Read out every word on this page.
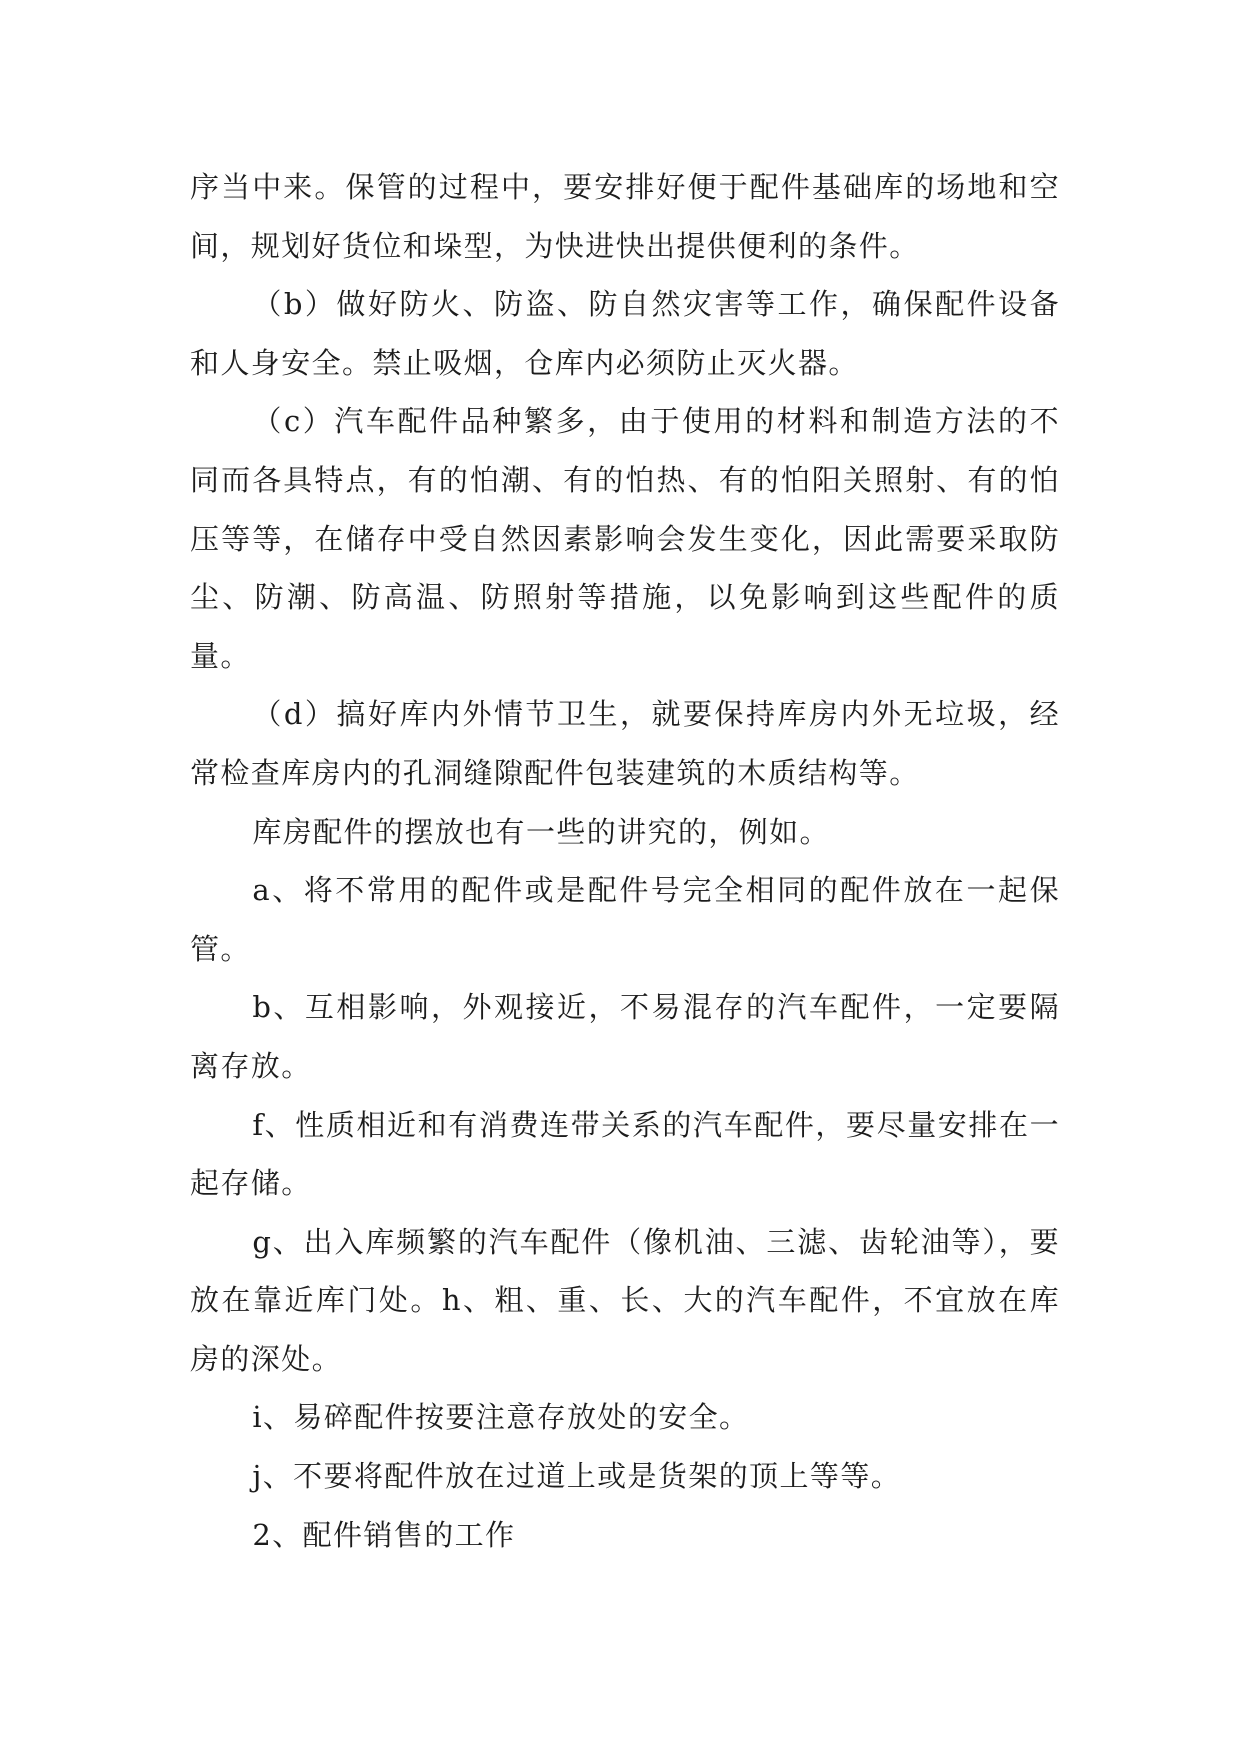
序当中来。保管的过程中，要安排好便于配件基础库的场地和空间，规划好货位和垛型，为快进快出提供便利的条件。

（b）做好防火、防盗、防自然灾害等工作，确保配件设备和人身安全。禁止吸烟，仓库内必须防止灭火器。

（c）汽车配件品种繁多，由于使用的材料和制造方法的不同而各具特点，有的怕潮、有的怕热、有的怕阳关照射、有的怕压等等，在储存中受自然因素影响会发生变化，因此需要采取防尘、防潮、防高温、防照射等措施，以免影响到这些配件的质量。

（d）搞好库内外情节卫生，就要保持库房内外无垃圾，经常检查库房内的孔洞缝隙配件包装建筑的木质结构等。

库房配件的摆放也有一些的讲究的，例如。

a、将不常用的配件或是配件号完全相同的配件放在一起保管。

b、互相影响，外观接近，不易混存的汽车配件，一定要隔离存放。

f、性质相近和有消费连带关系的汽车配件，要尽量安排在一起存储。

g、出入库频繁的汽车配件（像机油、三滤、齿轮油等），要放在靠近库门处。h、粗、重、长、大的汽车配件，不宜放在库房的深处。

i、易碎配件按要注意存放处的安全。

j、不要将配件放在过道上或是货架的顶上等等。

2、配件销售的工作
